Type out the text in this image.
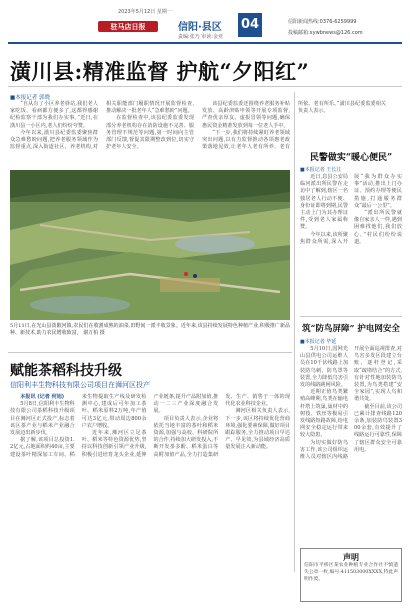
2023年5月12日 星期一
驻马店日报	信阳·县区
责编:张乃 审读:金亚
04	信阳新闻热线:0376-6259999
投稿邮箱:xywbnews@126.com
潢川县:精准监督 护航“夕阳红”
■本报记者 郭晓

“自从有了小区养老驿站,我们老人家吃饭、看病都方便多了,这都得感谢纪检监察干部为我们办实事。”近日,在潢川县一小区内,老人们纷纷夸赞。

今年以来,潢川县纪委监委聚焦群众急难愁盼问题,把养老服务领域作为监督重点,深入街道社区、养老机构,对相关职能部门履职情况开展监督检查,推动解决一批老年人“急难愁盼”问题。

在监督检查中,该县纪委监委发现部分养老机构存在消防设施不完善、服务管理不规范等问题,第一时间向主管部门反馈,督促其限期整改到位,切实守护老年人安全。

该县纪委监委还围绕养老服务补贴发放、高龄津贴申领等开展专项监督,严查优亲厚友、虚报冒领等问题,确保惠民资金精准发放到每一位老人手中。

“下一步,我们将持续紧盯养老领域突出问题,以有力监督推动各项惠老政策落地见效,让老年人老有所养、老有所依、老有所乐。”潢川县纪委监委相关负责人表示。

5月11日,在光山县泼陂河镇,农民们在收割成熟的油菜,田野间一派丰收景象。近年来,该县持续发展特色种植产业,积极推广新品种、新技术,助力农民增收致富。 谢万柏 摄
民警做实“暖心便民”
■本报记者 王长江

近日,息县公安局临河派出所民警在走访中了解到,辖区一名独居老人行动不便、身份证即将到期,民警主动上门为其办理证件,受到老人家属称赞。

今年以来,该所聚焦群众所需,深入开展“我为群众办实事”活动,推出上门办证、预约办理等便民措施,打通服务群众“最后一公里”。

“派出所民警就像自家亲人一样,遇到困难找他们,我们放心。”村民们纷纷说道。

筑“防鸟屏障” 护电网安全
■本报记者 毕延

5月10日,国网光山县供电公司运维人员在10千伏线路上加装防鸟刺、防鸟罩等装置,全力降低鸟害引发的线路跳闸风险。

近期正值鸟类繁殖高峰期,鸟类在输电杆塔上筑巢,巢材中的树枝、铁丝等极易引发线路短路故障,给电网安全稳定运行带来较大隐患。

为切实做好防鸟害工作,该公司组织运维人员对辖区内线路开展全面巡视排查,对鸟害多发区段建立台账、逐杆登记,采取“疏堵结合”的方式,有针对性地加装防鸟装置,为鸟类搭建“安全家园”,实现人鸟和谐共处。

截至目前,该公司已累计排查线路120余条,加装防鸟装置300余套,有效提升了线路运行可靠性,保障了辖区群众安全可靠用电。

赋能茶稻科技升级
信阳利丰生物科技有限公司项目在浉河区投产

本报讯 (记者 何旭)

5月8日,信阳利丰生物科技有限公司茶稻科技升级项目在浉河区正式投产,标志着该区茶产业与稻米产业融合发展迈出新步伐。

据了解,该项目总投资1.2亿元,占地面积约40亩,主要建设茶叶精深加工车间、稻米生物提取生产线及研发检测中心,建成后可年加工茶叶、稻米原料2万吨,年产值可达3亿元,带动周边800余户农户增收。

近年来,浉河区立足茶叶、稻米等特色资源优势,坚持以科技创新引领产业升级,积极引进培育龙头企业,延伸产业链条,提升产品附加值,推动一二三产业深度融合发展。

项目负责人表示,企业将依托当地丰富的茶叶和稻米资源,加强与高校、科研院所的合作,持续加大研发投入,不断开发茶多酚、稻米蛋白等高附加值产品,全力打造集研发、生产、销售于一体的现代化农业科技企业。

浉河区相关负责人表示,下一步,该区将持续优化营商环境,强化要素保障,做好项目跟踪服务,全力推动项目早达产、早见效,为县域经济高质量发展注入新动能。

声明
信阳市平桥区某农业种植专业合作社不慎遗失公章一枚,编号:411503000XXXX,特此声明作废。
